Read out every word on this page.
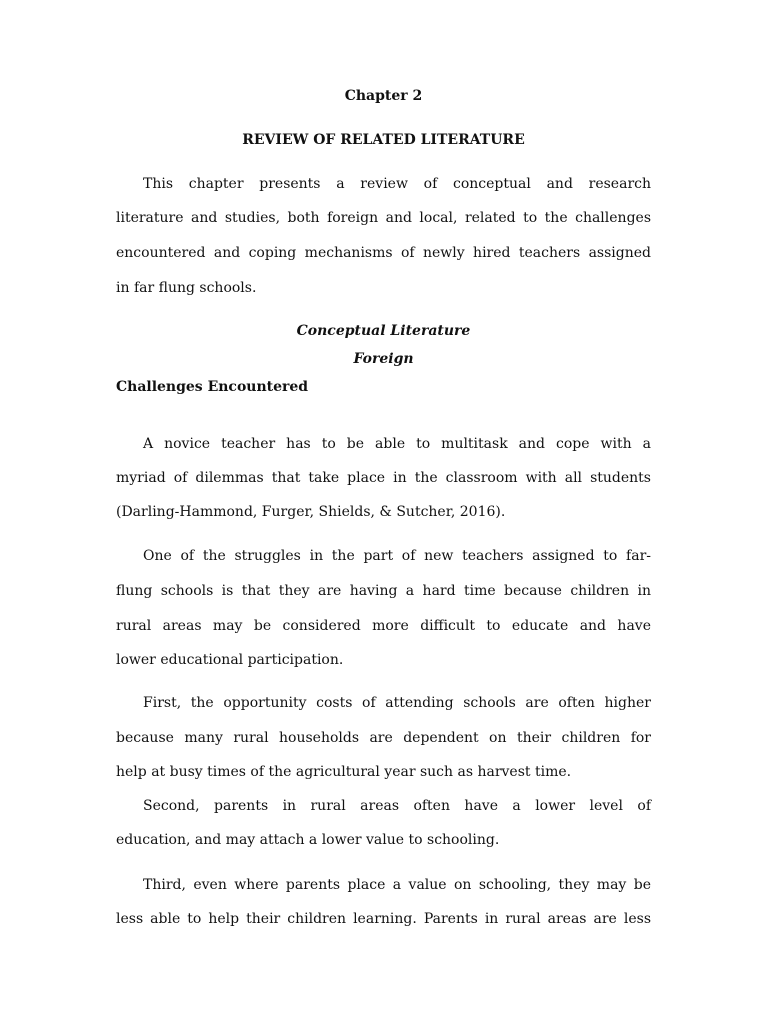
Chapter 2
REVIEW OF RELATED LITERATURE
This chapter presents a review of conceptual and research
literature and studies, both foreign and local, related to the challenges
encountered and coping mechanisms of newly hired teachers assigned
in far flung schools.
Conceptual Literature
Foreign
Challenges Encountered
A novice teacher has to be able to multitask and cope with a
myriad of dilemmas that take place in the classroom with all students
(Darling-Hammond, Furger, Shields, & Sutcher, 2016).
One of the struggles in the part of new teachers assigned to far-
flung schools is that they are having a hard time because children in
rural areas may be considered more difficult to educate and have
lower educational participation.
First, the opportunity costs of attending schools are often higher
because many rural households are dependent on their children for
help at busy times of the agricultural year such as harvest time.
Second, parents in rural areas often have a lower level of
education, and may attach a lower value to schooling.
Third, even where parents place a value on schooling, they may be
less able to help their children learning. Parents in rural areas are less
